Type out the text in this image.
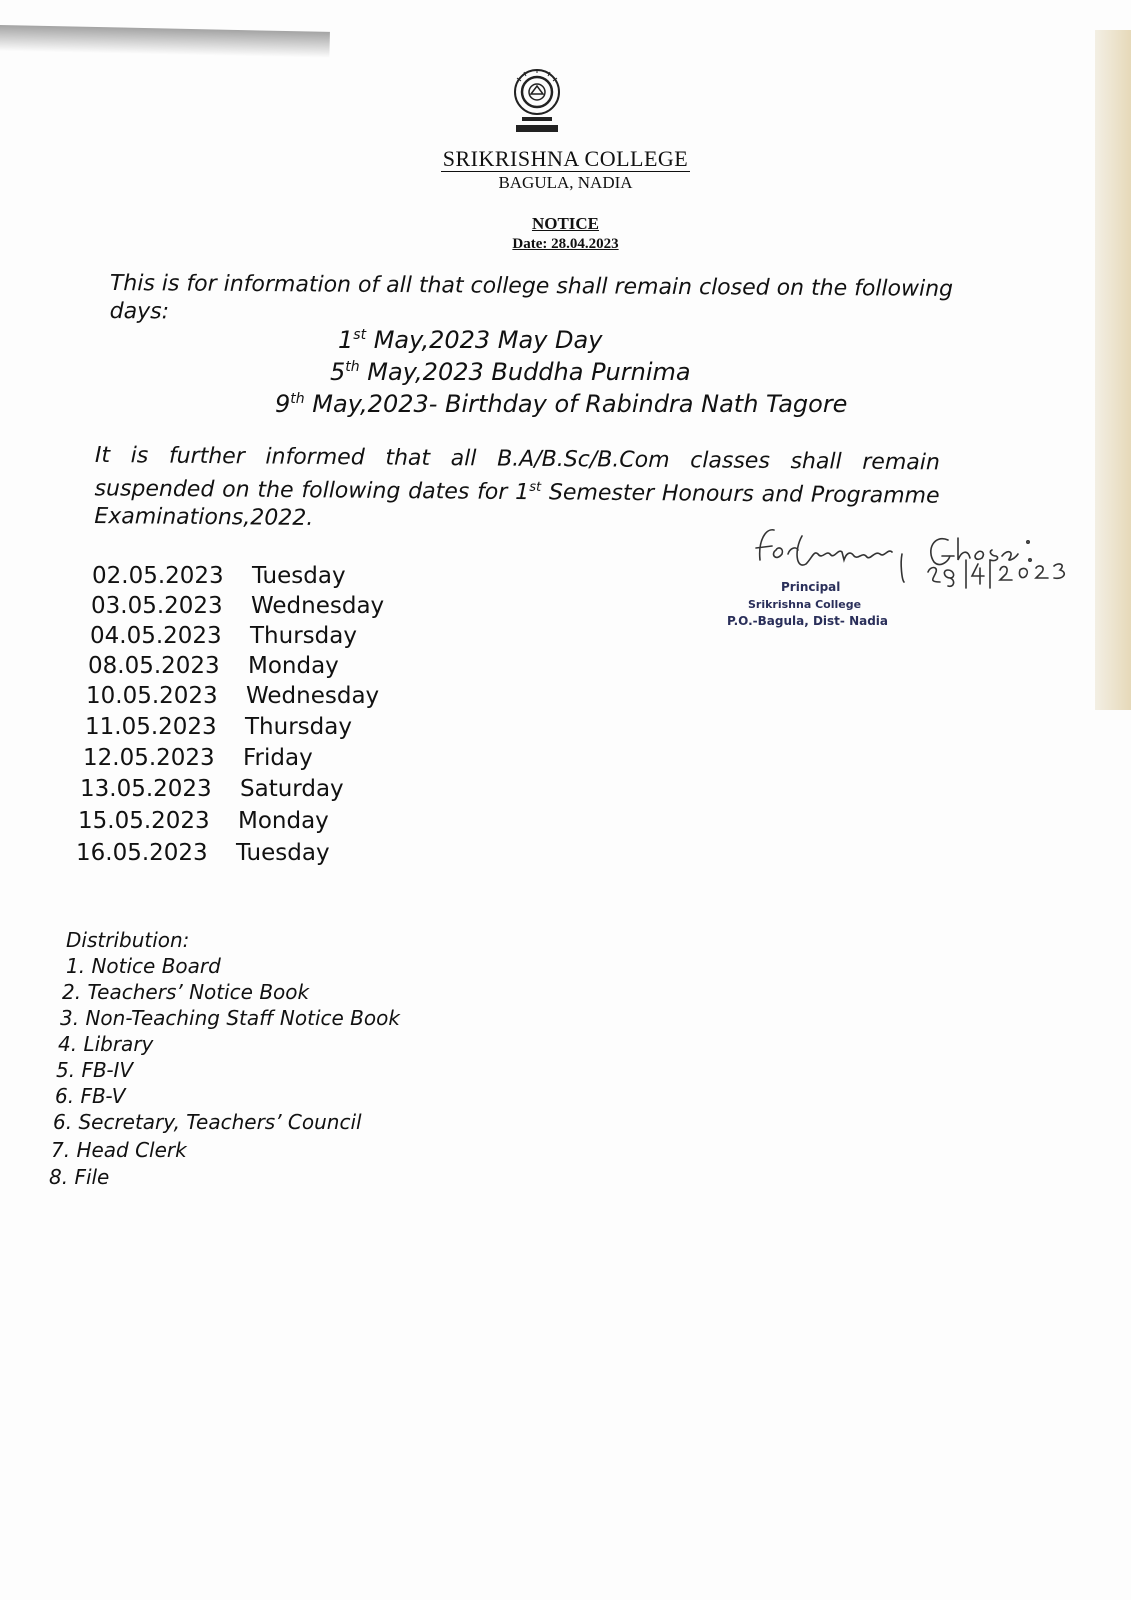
SRIKRISHNA COLLEGE
BAGULA, NADIA
NOTICE
Date: 28.04.2023
This is for information of all that college shall remain closed on the following days:
1st May,2023 May Day
5th May,2023 Buddha Purnima
9th May,2023- Birthday of Rabindra Nath Tagore
It is further informed that all B.A/B.Sc/B.Com classes shall remain suspended on the following dates for 1st Semester Honours and Programme Examinations,2022.
02.05.2023 Tuesday
03.05.2023 Wednesday
04.05.2023 Thursday
08.05.2023 Monday
10.05.2023 Wednesday
11.05.2023 Thursday
12.05.2023 Friday
13.05.2023 Saturday
15.05.2023 Monday
16.05.2023 Tuesday
Principal
Srikrishna College
P.O.-Bagula, Dist- Nadia
Distribution:
1. Notice Board
2. Teachers’ Notice Book
3. Non-Teaching Staff Notice Book
4. Library
5. FB-IV
6. FB-V
6. Secretary, Teachers’ Council
7. Head Clerk
8. File
